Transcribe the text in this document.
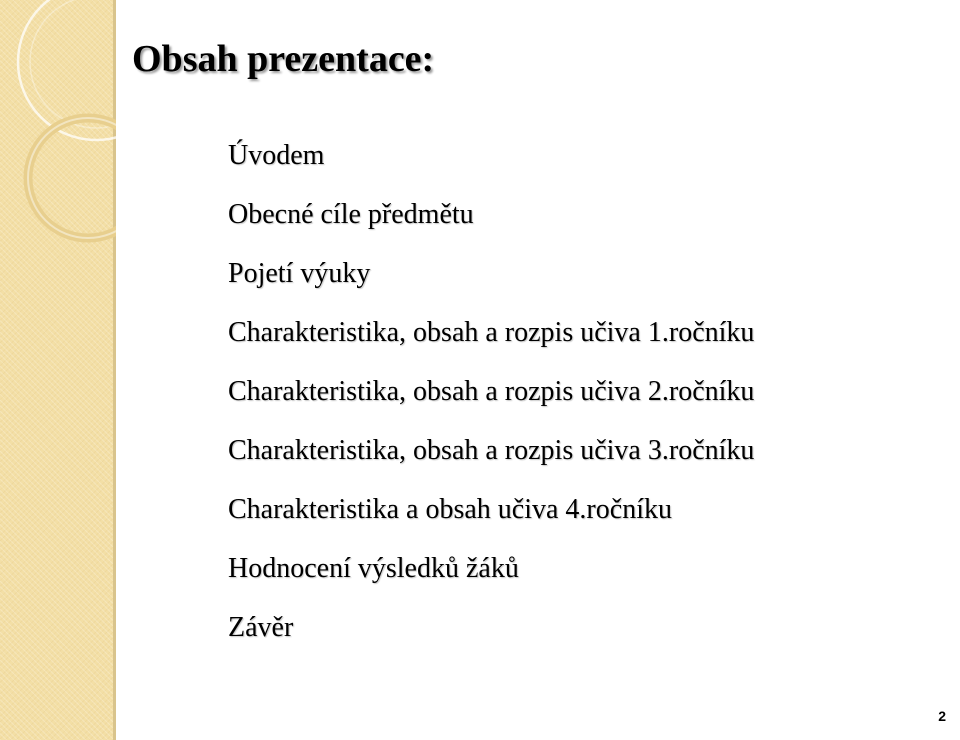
Obsah prezentace:
Úvodem
Obecné cíle předmětu
Pojetí výuky
Charakteristika, obsah a rozpis učiva 1.ročníku
Charakteristika, obsah a rozpis učiva 2.ročníku
Charakteristika, obsah a rozpis učiva 3.ročníku
Charakteristika a obsah učiva 4.ročníku
Hodnocení výsledků žáků
Závěr
2
